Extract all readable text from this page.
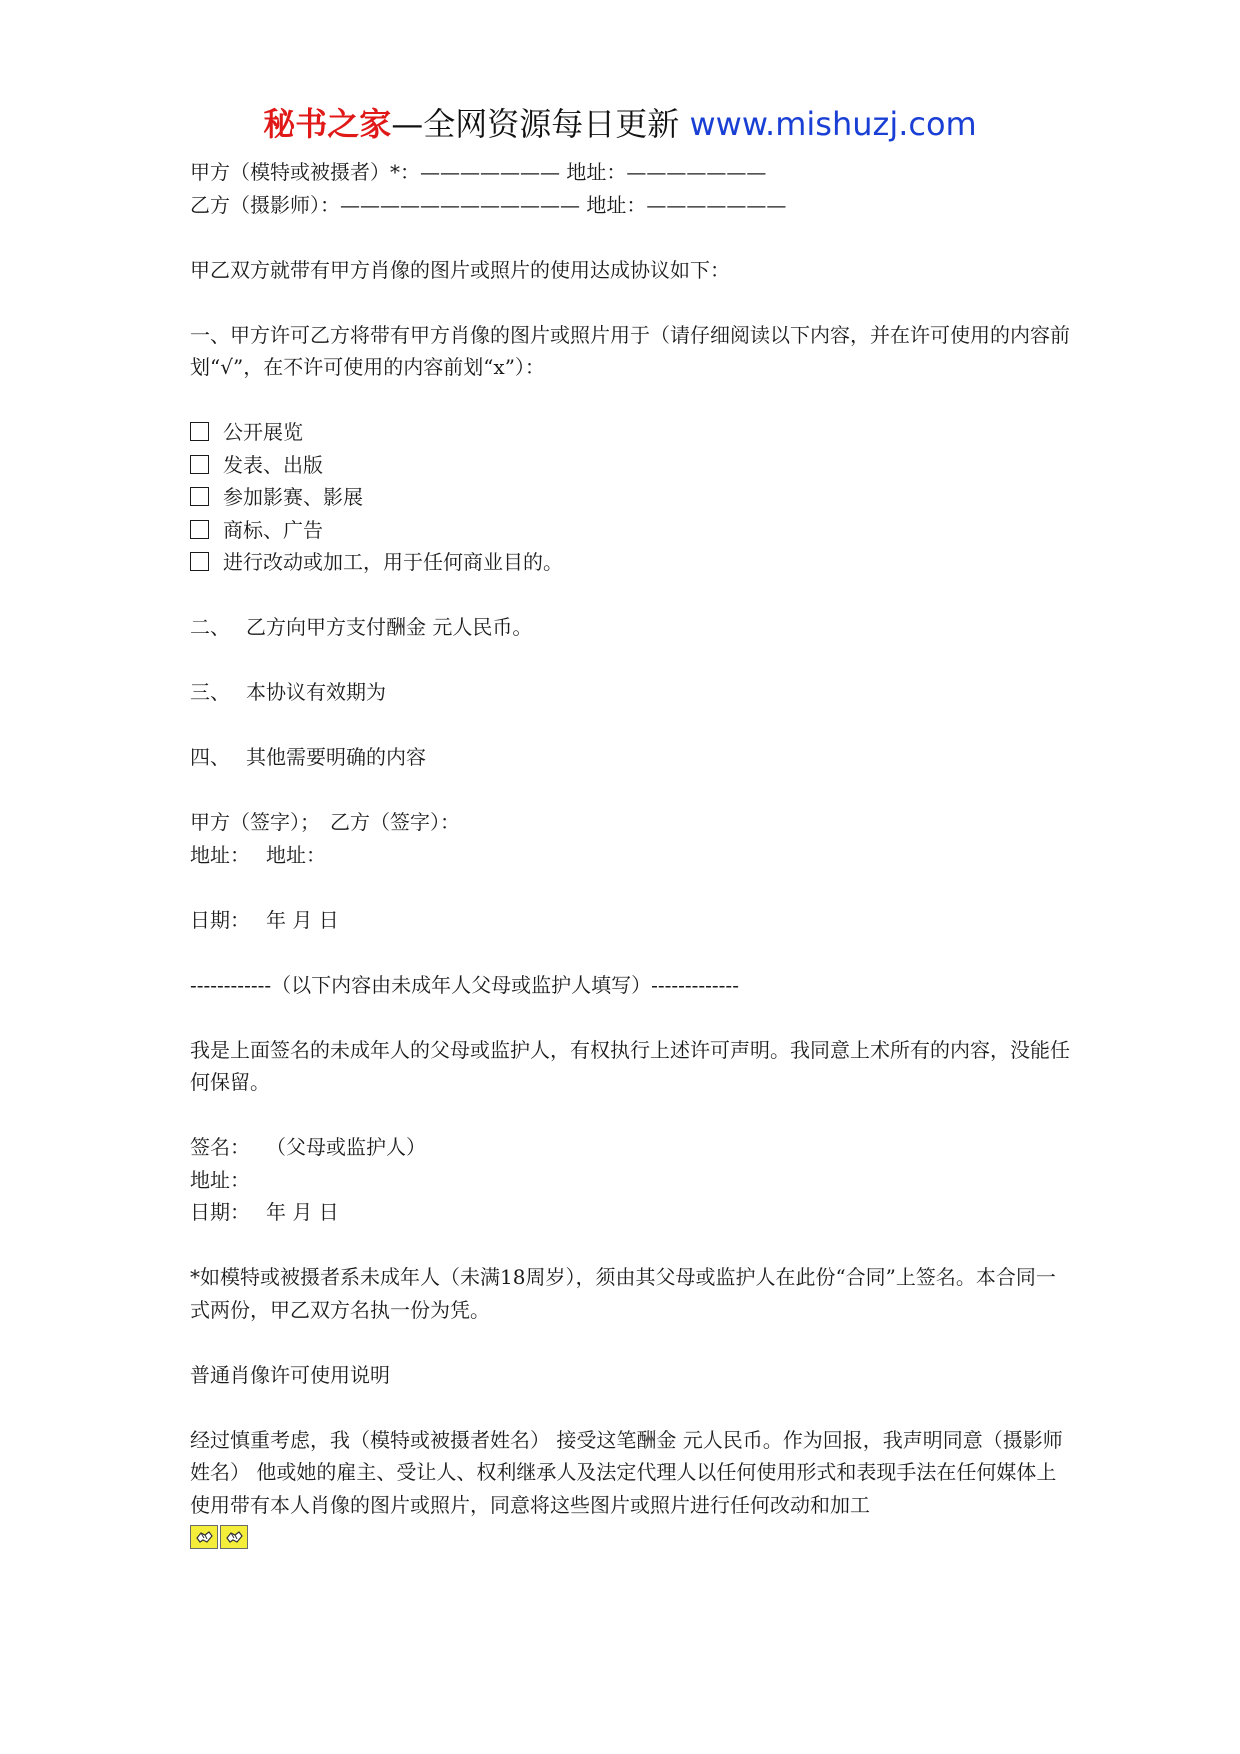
秘书之家—全网资源每日更新 www.mishuzj.com
甲方（模特或被摄者）*：——————— 地址：———————
乙方（摄影师）：———————————— 地址：———————
甲乙双方就带有甲方肖像的图片或照片的使用达成协议如下：
一、甲方许可乙方将带有甲方肖像的图片或照片用于（请仔细阅读以下内容，并在许可使用的内容前划“√”，在不许可使用的内容前划“x”）：
公开展览
发表、出版
参加影赛、影展
商标、广告
进行改动或加工，用于任何商业目的。
二、 乙方向甲方支付酬金 元人民币。
三、 本协议有效期为
四、 其他需要明确的内容
甲方（签字）； 乙方（签字）：
地址： 地址：
日期： 年 月 日
------------（以下内容由未成年人父母或监护人填写）-------------
我是上面签名的未成年人的父母或监护人，有权执行上述许可声明。我同意上术所有的内容，没能任何保留。
签名： （父母或监护人）
地址：
日期： 年 月 日
*如模特或被摄者系未成年人（未满18周岁），须由其父母或监护人在此份“合同”上签名。本合同一式两份，甲乙双方名执一份为凭。
普通肖像许可使用说明
经过慎重考虑，我（模特或被摄者姓名） 接受这笔酬金 元人民币。作为回报，我声明同意（摄影师姓名） 他或她的雇主、受让人、权利继承人及法定代理人以任何使用形式和表现手法在任何媒体上使用带有本人肖像的图片或照片，同意将这些图片或照片进行任何改动和加工
